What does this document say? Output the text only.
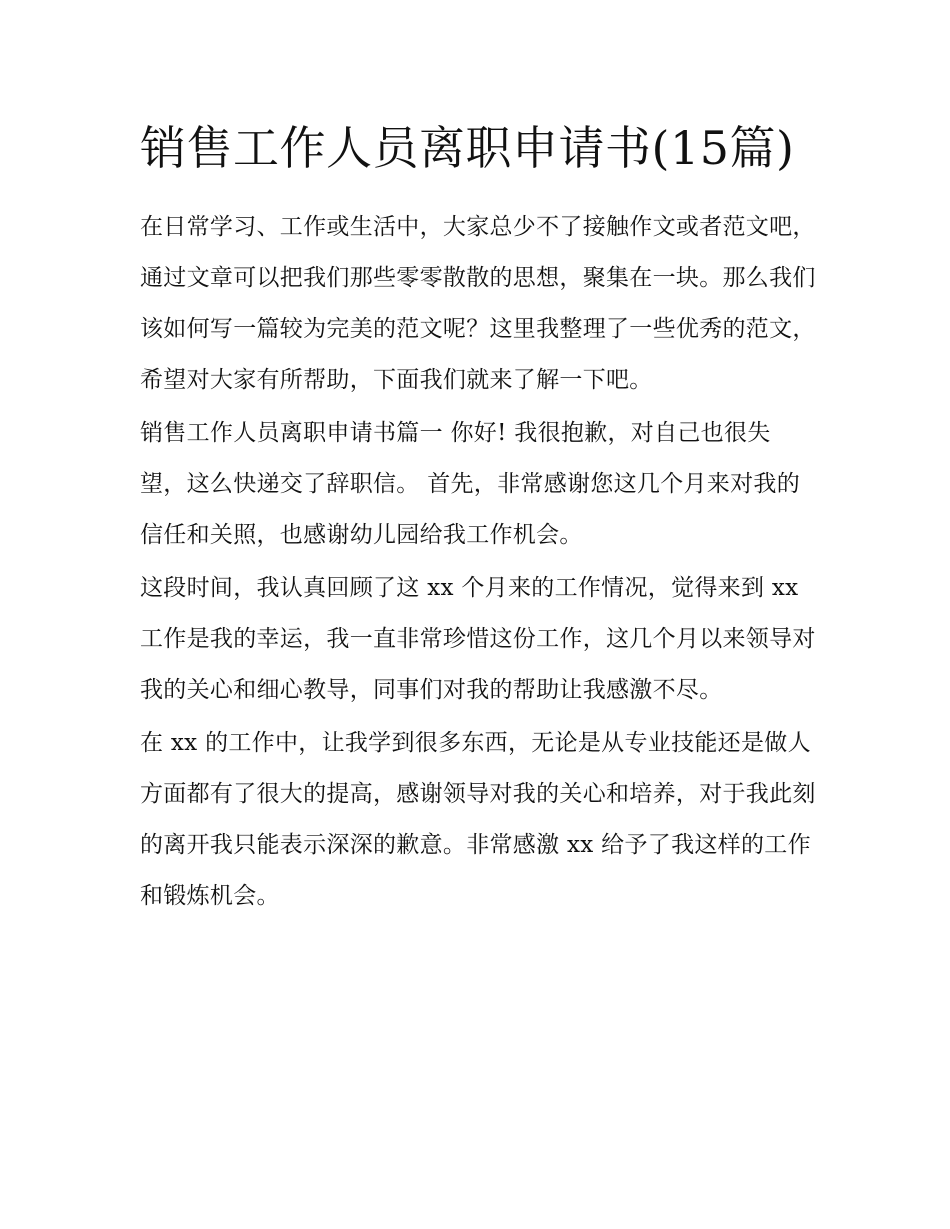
销售工作人员离职申请书(15篇)

在日常学习、工作或生活中，大家总少不了接触作文或者范文吧，通过文章可以把我们那些零零散散的思想，聚集在一块。那么我们该如何写一篇较为完美的范文呢？这里我整理了一些优秀的范文，希望对大家有所帮助，下面我们就来了解一下吧。

销售工作人员离职申请书篇一 你好! 我很抱歉，对自己也很失望，这么快递交了辞职信。 首先，非常感谢您这几个月来对我的信任和关照，也感谢幼儿园给我工作机会。

这段时间，我认真回顾了这 xx 个月来的工作情况，觉得来到 xx 工作是我的幸运，我一直非常珍惜这份工作，这几个月以来领导对我的关心和细心教导，同事们对我的帮助让我感激不尽。

在 xx 的工作中，让我学到很多东西，无论是从专业技能还是做人方面都有了很大的提高，感谢领导对我的关心和培养，对于我此刻的离开我只能表示深深的歉意。非常感激 xx 给予了我这样的工作和锻炼机会。
